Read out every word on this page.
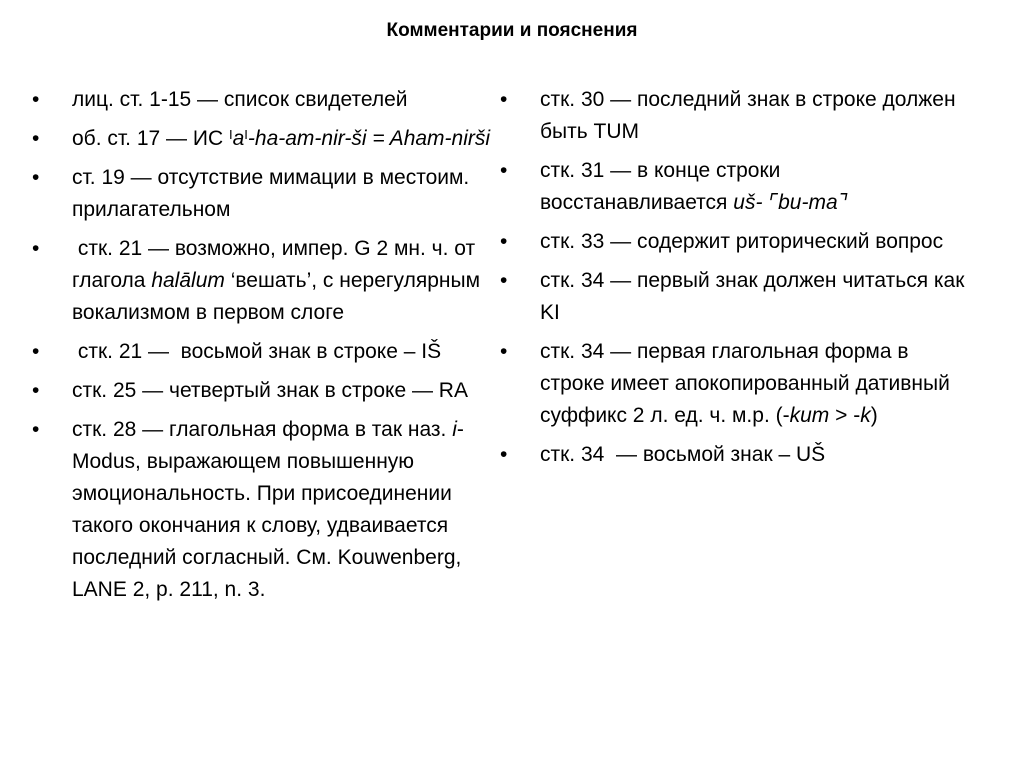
Комментарии и пояснения
•	лиц. ст. 1-15 — список свидетелей
•	об. ст. 17 — ИС $^Ia^I-ha-am-nir-ši$ = Aham-nirši
•	ст. 19 — отсутствие мимации в местоим. прилагательном
•	стк. 21 — возможно, импер. G 2 мн. ч. от глагола halālum ‘вешать’, с нерегулярным вокализмом в первом слоге
•	стк. 21 —  восьмой знак в строке – IŠ
•	стк. 25 — четвертый знак в строке — RA
•	стк. 28 — глагольная форма в так наз. i-Modus, выражающем повышенную эмоциональность. При присоединении такого окончания к слову, удваивается последний согласный. См. Kouwenberg, LANE 2, p. 211, n. 3.
•	стк. 30 — последний знак в строке должен быть TUM
•	стк. 31 — в конце строки восстанавливается uš- ⌜bu-ma⌝
•	стк. 33 — содержит риторический вопрос
•	стк. 34 — первый знак должен читаться как KI
•	стк. 34 — первая глагольная форма в строке имеет апокопированный дативный суффикс 2 л. ед. ч. м.р. (-kum > -k)
•	стк. 34  — восьмой знак – UŠ
